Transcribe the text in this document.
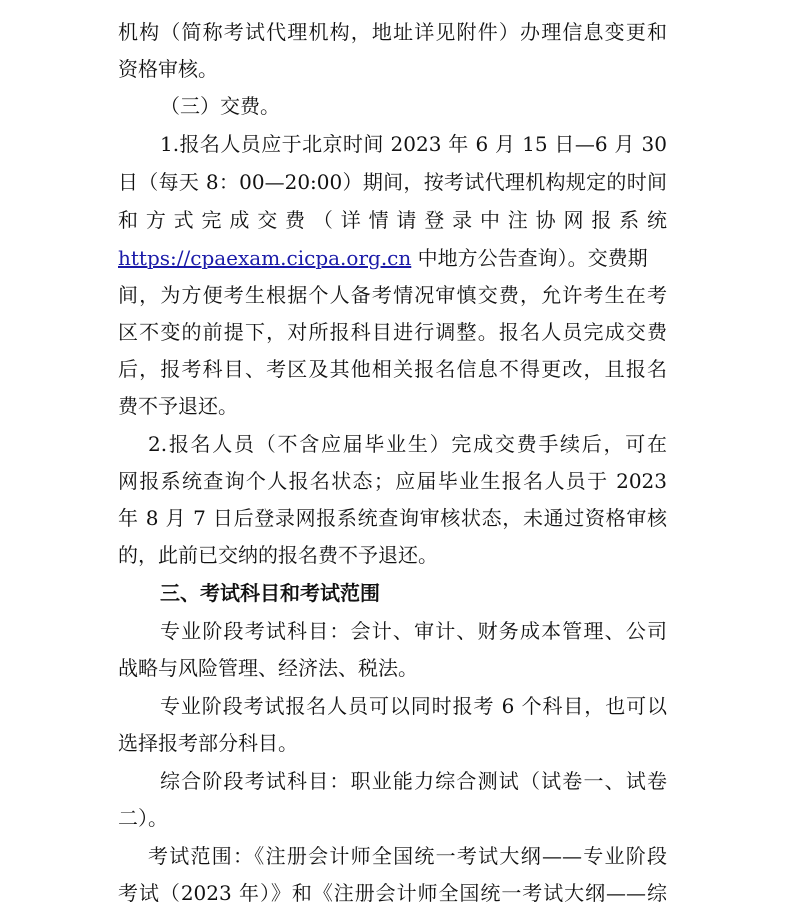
机构（简称考试代理机构，地址详见附件）办理信息变更和
资格审核。
（三）交费。
1.报名人员应于北京时间 2023 年 6 月 15 日—6 月 30
日（每天 8：00—20:00）期间，按考试代理机构规定的时间
和方式完成交费（详情请登录中注协网报系统
https://cpaexam.cicpa.org.cn 中地方公告查询）。交费期
间，为方便考生根据个人备考情况审慎交费，允许考生在考
区不变的前提下，对所报科目进行调整。报名人员完成交费
后，报考科目、考区及其他相关报名信息不得更改，且报名
费不予退还。
2.报名人员（不含应届毕业生）完成交费手续后，可在
网报系统查询个人报名状态；应届毕业生报名人员于 2023
年 8 月 7 日后登录网报系统查询审核状态，未通过资格审核
的，此前已交纳的报名费不予退还。
三、考试科目和考试范围
专业阶段考试科目：会计、审计、财务成本管理、公司
战略与风险管理、经济法、税法。
专业阶段考试报名人员可以同时报考 6 个科目，也可以
选择报考部分科目。
综合阶段考试科目：职业能力综合测试（试卷一、试卷
二）。
考试范围：《注册会计师全国统一考试大纲——专业阶段
考试（2023 年）》和《注册会计师全国统一考试大纲——综
